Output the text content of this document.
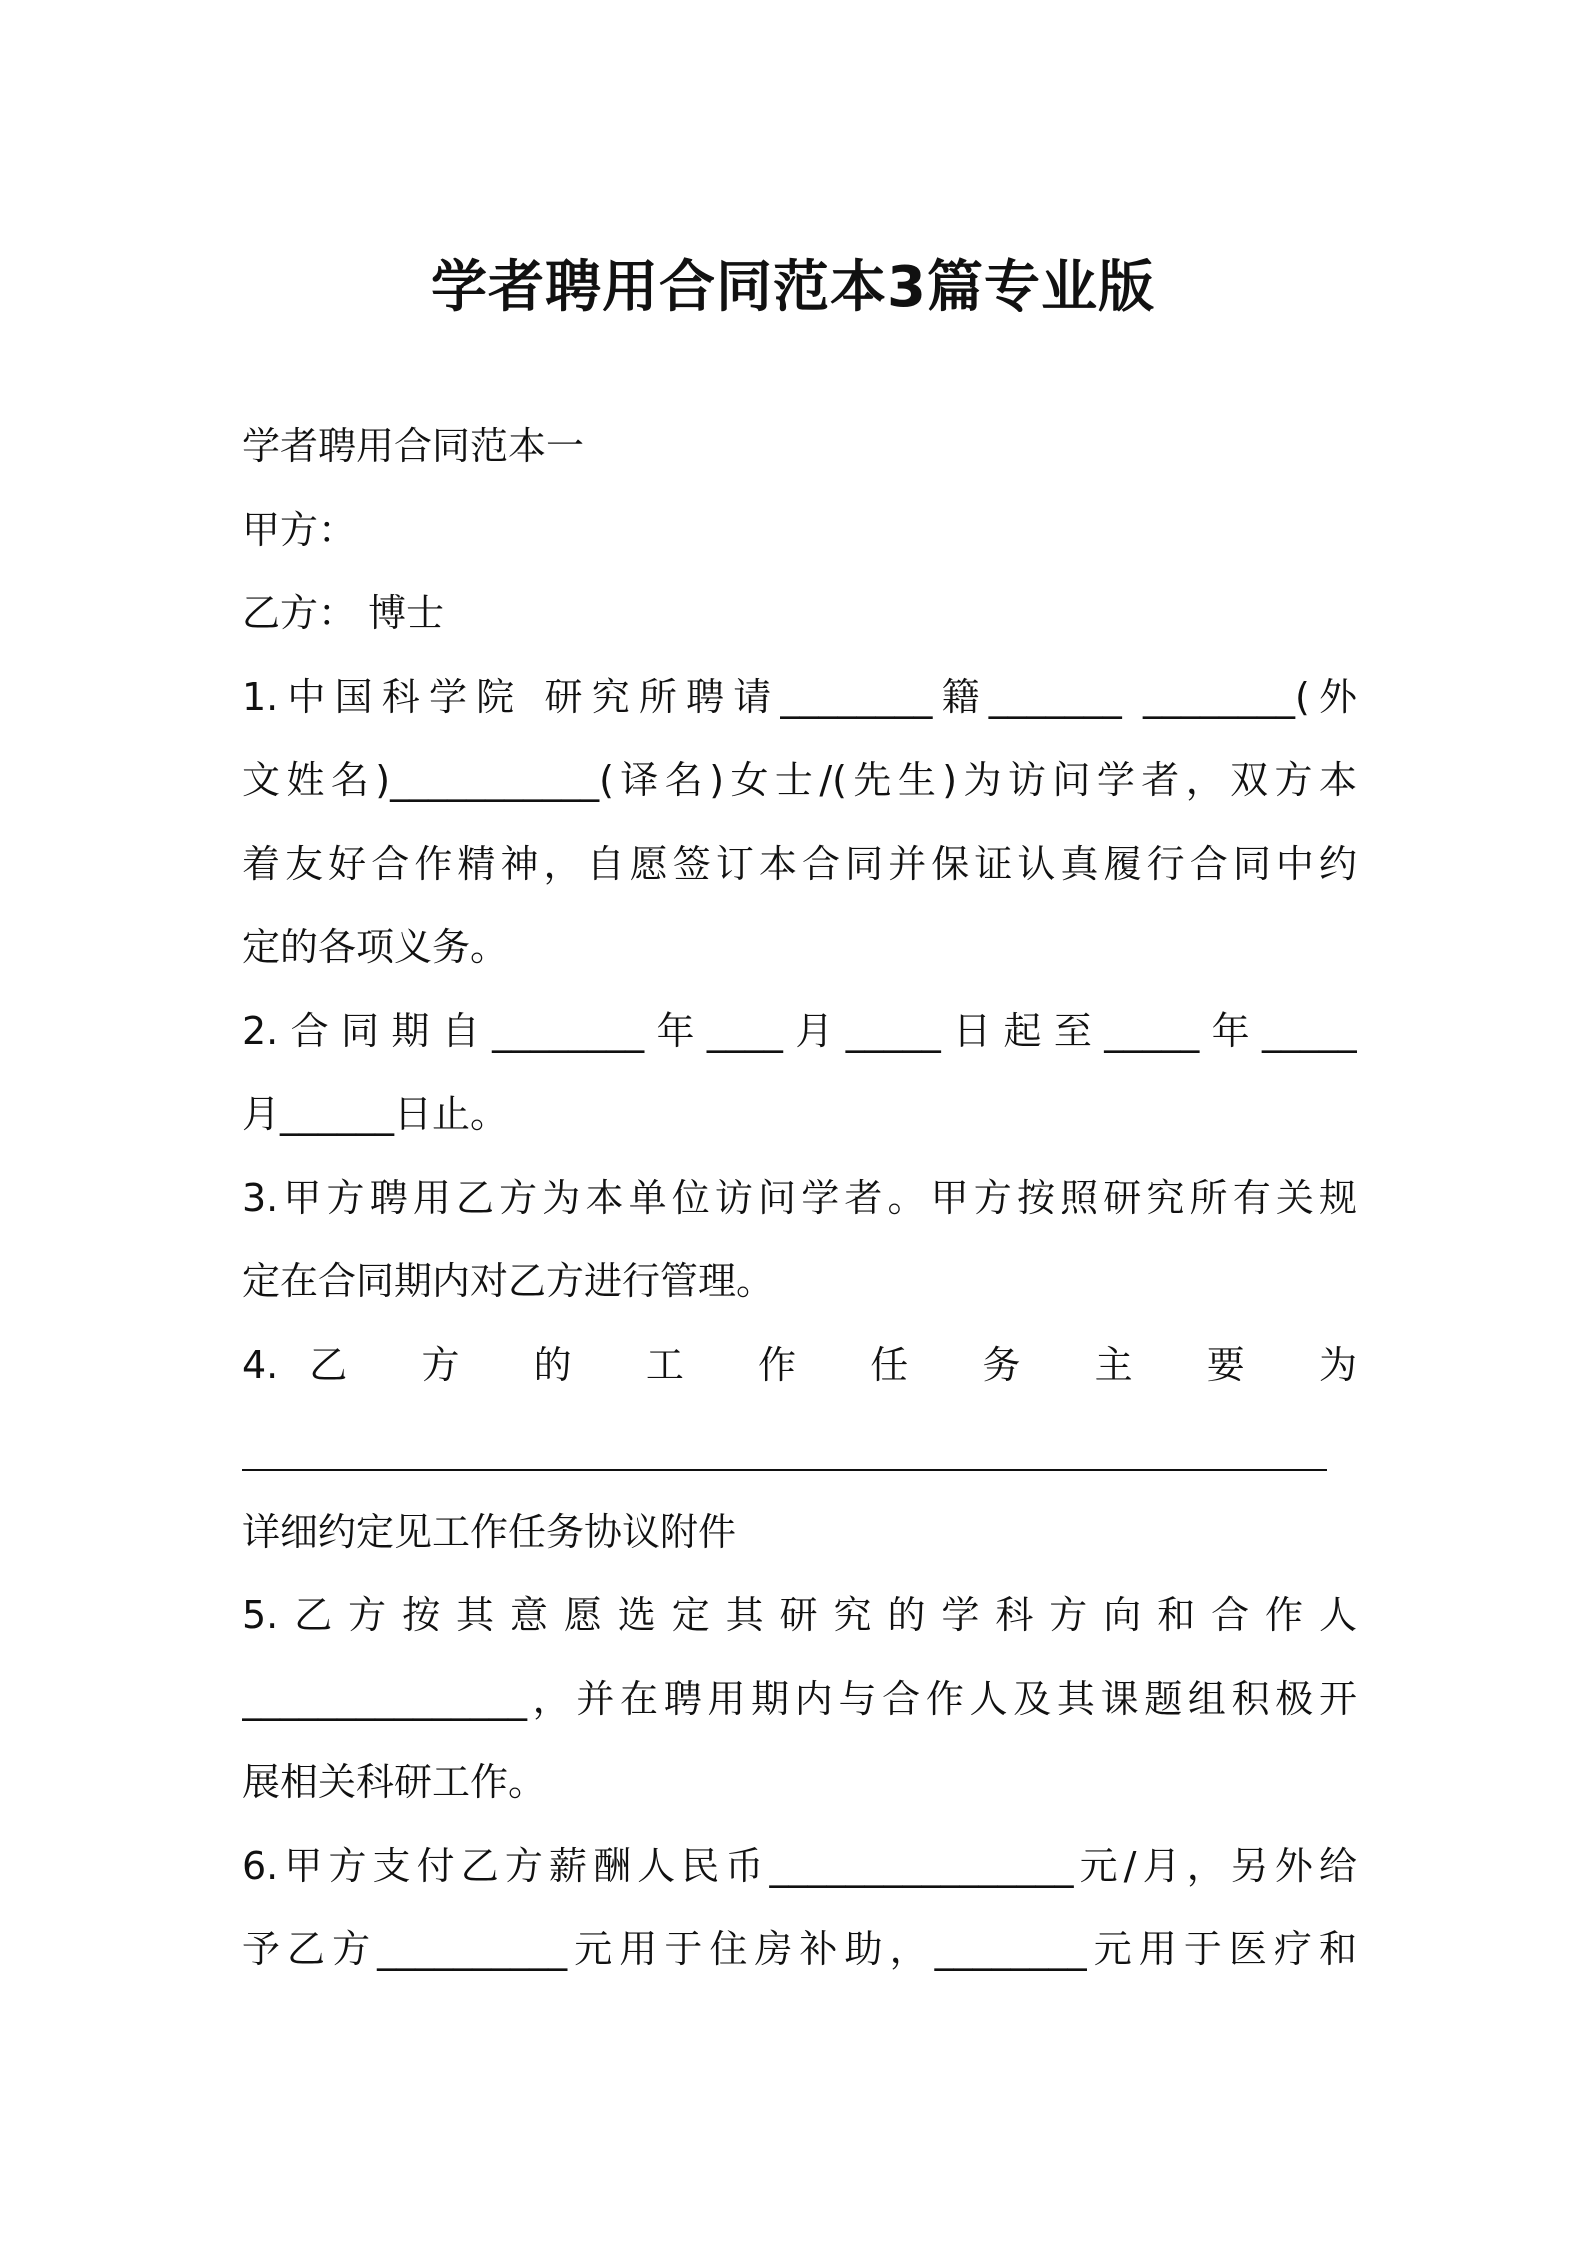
学者聘用合同范本3篇专业版
学者聘用合同范本一
甲方：
乙方： 博士
1.中国科学院 研究所聘请________籍_______ ________(外
文姓名)___________(译名)女士/(先生)为访问学者，双方本
着友好合作精神，自愿签订本合同并保证认真履行合同中约
定的各项义务。
2.合同期自________年____月_____日起至_____年_____
月______日止。
3.甲方聘用乙方为本单位访问学者。甲方按照研究所有关规
定在合同期内对乙方进行管理。
4.乙 方 的 工 作 任 务 主 要 为
详细约定见工作任务协议附件
5.乙方按其意愿选定其研究的学科方向和合作人
_______________，并在聘用期内与合作人及其课题组积极开
展相关科研工作。
6.甲方支付乙方薪酬人民币________________元/月，另外给
予乙方__________元用于住房补助，________元用于医疗和
